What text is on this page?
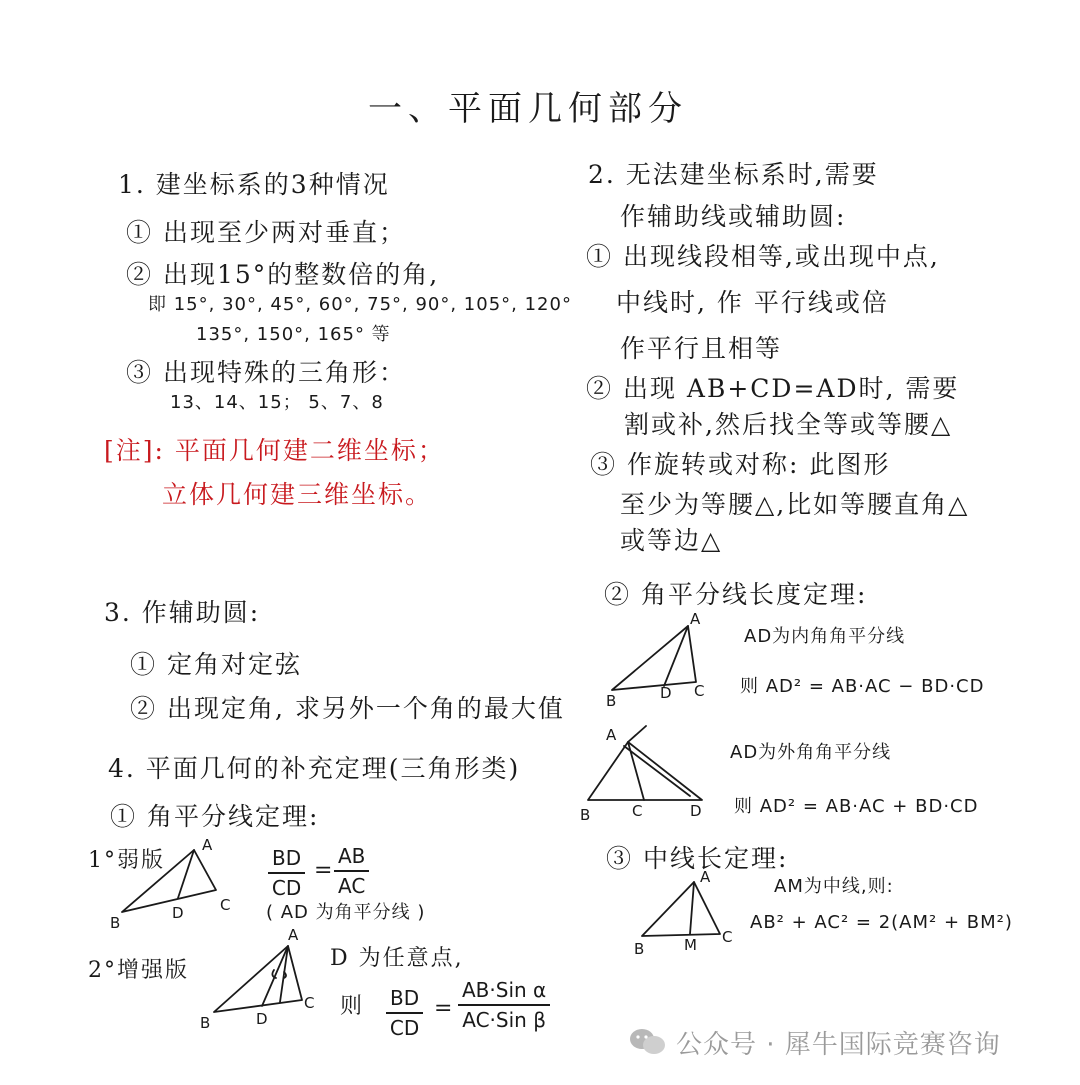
一、平面几何部分
1. 建坐标系的3种情况
① 出现至少两对垂直；
② 出现15°的整数倍的角,
即 15°, 30°, 45°, 60°, 75°, 90°, 105°, 120°
135°, 150°, 165° 等
③ 出现特殊的三角形：
13、14、15； 5、7、8
[注]: 平面几何建二维坐标；
立体几何建三维坐标。
3. 作辅助圆:
① 定角对定弦
② 出现定角, 求另外一个角的最大值
4. 平面几何的补充定理(三角形类)
① 角平分线定理:
1°弱版
A
B
D C
$\frac{BD}{CD} = \frac{AB}{AC}$
( AD 为角平分线 )
2°增强版
A
B	D
C
D 为任意点,
则 $\frac{BD}{CD}$ =
AB·Sin α
AC·Sin β
2. 无法建坐标系时,需要
作辅助线或辅助圆:
① 出现线段相等,或出现中点,
中线时, 作 平行线或倍
作平行且相等
② 出现 AB+CD=AD时, 需要
割或补,然后找全等或等腰△
③ 作旋转或对称: 此图形
至少为等腰△,比如等腰直角△
或等边△
② 角平分线长度定理:
A
B	D C
AD为内角角平分线
则 AD² = AB·AC − BD·CD
A
B	C	D
AD为外角角平分线
则 AD² = AB·AC + BD·CD
③ 中线长定理:
A
B	M C
AM为中线,则:
AB² + AC² = 2(AM² + BM²)
公众号 · 犀牛国际竞赛咨询
